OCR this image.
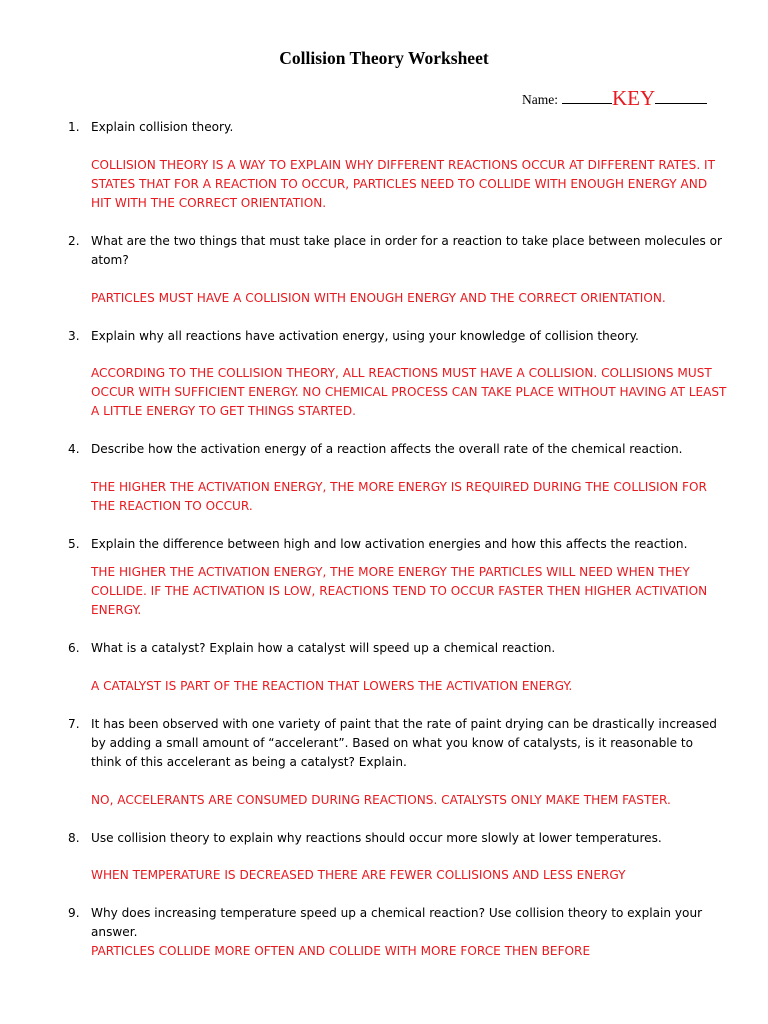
Collision Theory Worksheet
Name:	KEY
1. Explain collision theory.
COLLISION THEORY IS A WAY TO EXPLAIN WHY DIFFERENT REACTIONS OCCUR AT DIFFERENT RATES. IT STATES THAT FOR A REACTION TO OCCUR, PARTICLES NEED TO COLLIDE WITH ENOUGH ENERGY AND HIT WITH THE CORRECT ORIENTATION.
2. What are the two things that must take place in order for a reaction to take place between molecules or atom?
PARTICLES MUST HAVE A COLLISION WITH ENOUGH ENERGY AND THE CORRECT ORIENTATION.
3. Explain why all reactions have activation energy, using your knowledge of collision theory.
ACCORDING TO THE COLLISION THEORY, ALL REACTIONS MUST HAVE A COLLISION. COLLISIONS MUST OCCUR WITH SUFFICIENT ENERGY. NO CHEMICAL PROCESS CAN TAKE PLACE WITHOUT HAVING AT LEAST A LITTLE ENERGY TO GET THINGS STARTED.
4. Describe how the activation energy of a reaction affects the overall rate of the chemical reaction.
THE HIGHER THE ACTIVATION ENERGY, THE MORE ENERGY IS REQUIRED DURING THE COLLISION FOR THE REACTION TO OCCUR.
5. Explain the difference between high and low activation energies and how this affects the reaction.
THE HIGHER THE ACTIVATION ENERGY, THE MORE ENERGY THE PARTICLES WILL NEED WHEN THEY COLLIDE. IF THE ACTIVATION IS LOW, REACTIONS TEND TO OCCUR FASTER THEN HIGHER ACTIVATION ENERGY.
6. What is a catalyst? Explain how a catalyst will speed up a chemical reaction.
A CATALYST IS PART OF THE REACTION THAT LOWERS THE ACTIVATION ENERGY.
7. It has been observed with one variety of paint that the rate of paint drying can be drastically increased by adding a small amount of “accelerant”. Based on what you know of catalysts, is it reasonable to think of this accelerant as being a catalyst? Explain.
NO, ACCELERANTS ARE CONSUMED DURING REACTIONS. CATALYSTS ONLY MAKE THEM FASTER.
8. Use collision theory to explain why reactions should occur more slowly at lower temperatures.
WHEN TEMPERATURE IS DECREASED THERE ARE FEWER COLLISIONS AND LESS ENERGY
9. Why does increasing temperature speed up a chemical reaction? Use collision theory to explain your answer.
PARTICLES COLLIDE MORE OFTEN AND COLLIDE WITH MORE FORCE THEN BEFORE
